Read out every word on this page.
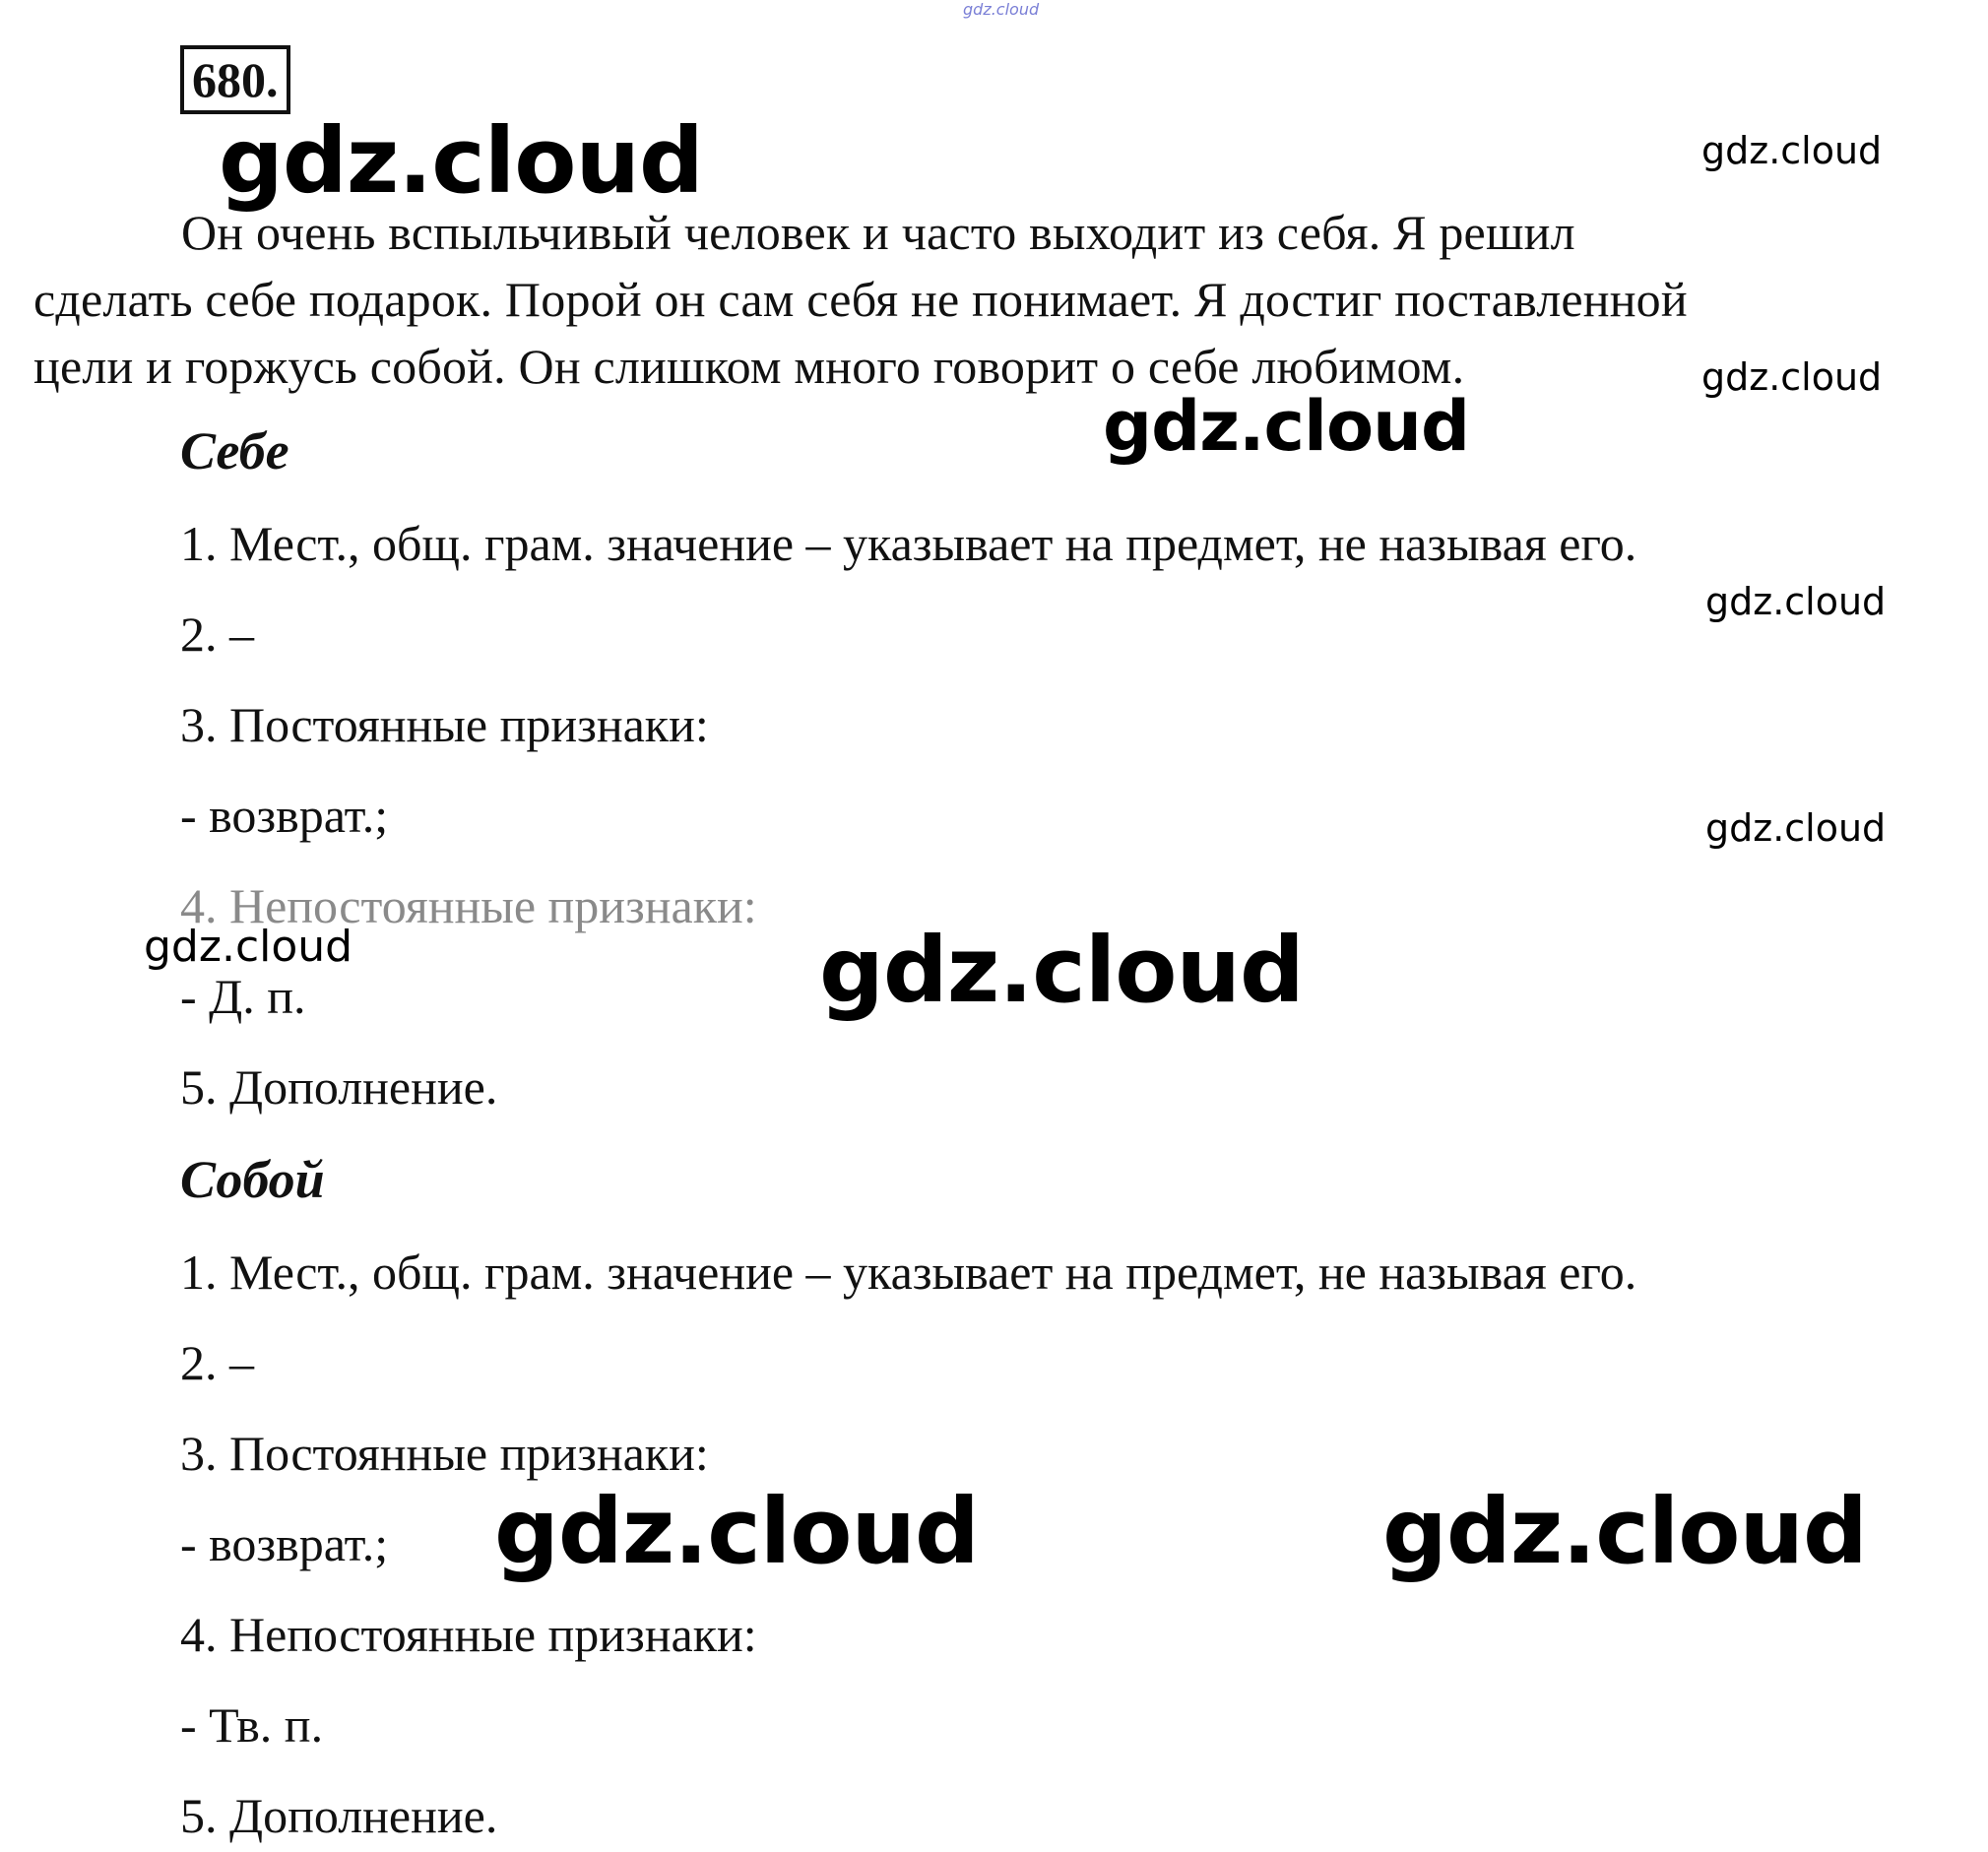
gdz.cloud
680.
gdz.cloud	gdz.cloud

Он очень вспыльчивый человек и часто выходит из себя. Я решил
сделать себе подарок. Порой он сам себя не понимает. Я достиг поставленной
цели и горжусь собой. Он слишком много говорит о себе любимом.	gdz.cloud
gdz.cloud
Себе
1. Мест., общ. грам. значение – указывает на предмет, не называя его.
gdz.cloud
2. –
3. Постоянные признаки:
- возврат.;	gdz.cloud
4. Непостоянные признаки:
gdz.cloud	gdz.cloud
- Д. п.
5. Дополнение.
Собой
1. Мест., общ. грам. значение – указывает на предмет, не называя его.
2. –
3. Постоянные признаки:
- возврат.; gdz.cloud	gdz.cloud
4. Непостоянные признаки:
- Тв. п.
5. Дополнение.
